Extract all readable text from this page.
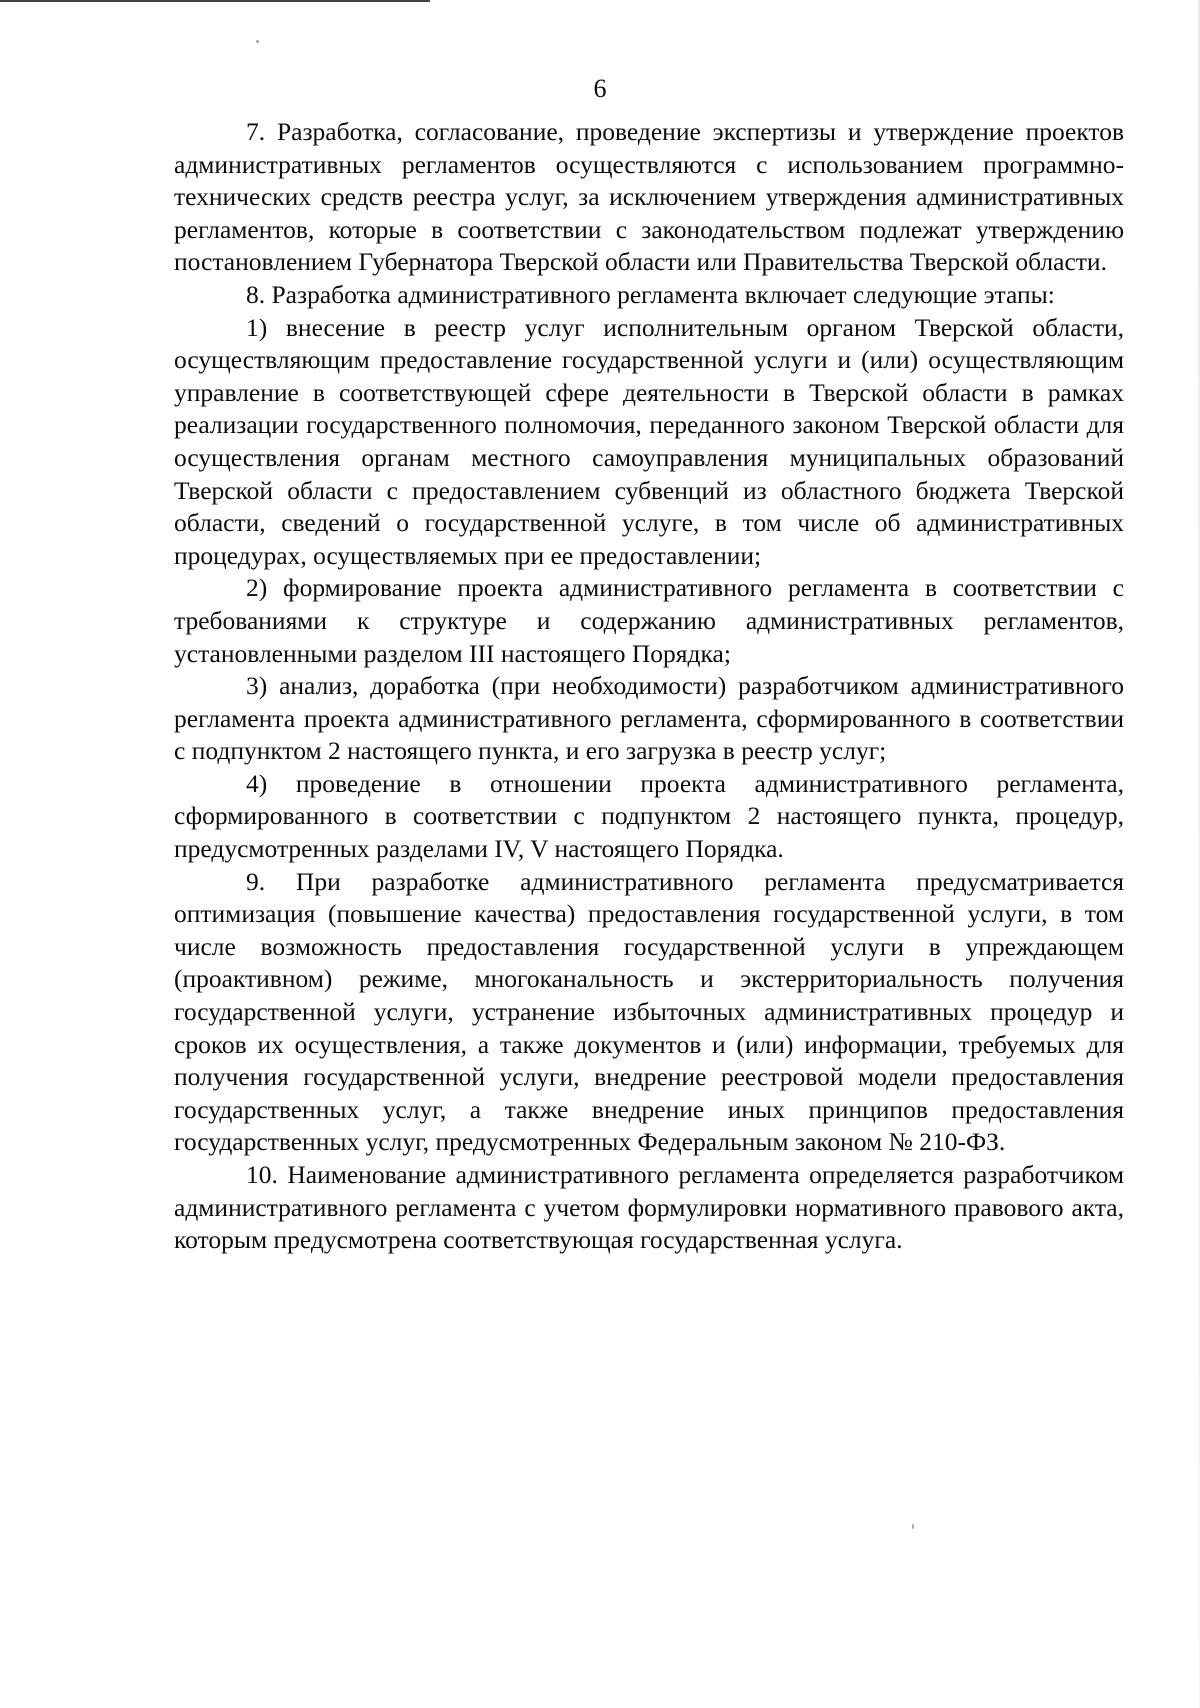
6

7. Разработка, согласование, проведение экспертизы и утверждение проектов административных регламентов осуществляются с использованием программно-технических средств реестра услуг, за исключением утверждения административных регламентов, которые в соответствии с законодательством подлежат утверждению постановлением Губернатора Тверской области или Правительства Тверской области.

8. Разработка административного регламента включает следующие этапы:

1) внесение в реестр услуг исполнительным органом Тверской области, осуществляющим предоставление государственной услуги и (или) осуществляющим управление в соответствующей сфере деятельности в Тверской области в рамках реализации государственного полномочия, переданного законом Тверской области для осуществления органам местного самоуправления муниципальных образований Тверской области с предоставлением субвенций из областного бюджета Тверской области, сведений о государственной услуге, в том числе об административных процедурах, осуществляемых при ее предоставлении;

2) формирование проекта административного регламента в соответствии с требованиями к структуре и содержанию административных регламентов, установленными разделом III настоящего Порядка;

3) анализ, доработка (при необходимости) разработчиком административного регламента проекта административного регламента, сформированного в соответствии с подпунктом 2 настоящего пункта, и его загрузка в реестр услуг;

4) проведение в отношении проекта административного регламента, сформированного в соответствии с подпунктом 2 настоящего пункта, процедур, предусмотренных разделами IV, V настоящего Порядка.

9. При разработке административного регламента предусматривается оптимизация (повышение качества) предоставления государственной услуги, в том числе возможность предоставления государственной услуги в упреждающем (проактивном) режиме, многоканальность и экстерриториальность получения государственной услуги, устранение избыточных административных процедур и сроков их осуществления, а также документов и (или) информации, требуемых для получения государственной услуги, внедрение реестровой модели предоставления государственных услуг, а также внедрение иных принципов предоставления государственных услуг, предусмотренных Федеральным законом № 210-ФЗ.

10. Наименование административного регламента определяется разработчиком административного регламента с учетом формулировки нормативного правового акта, которым предусмотрена соответствующая государственная услуга.
